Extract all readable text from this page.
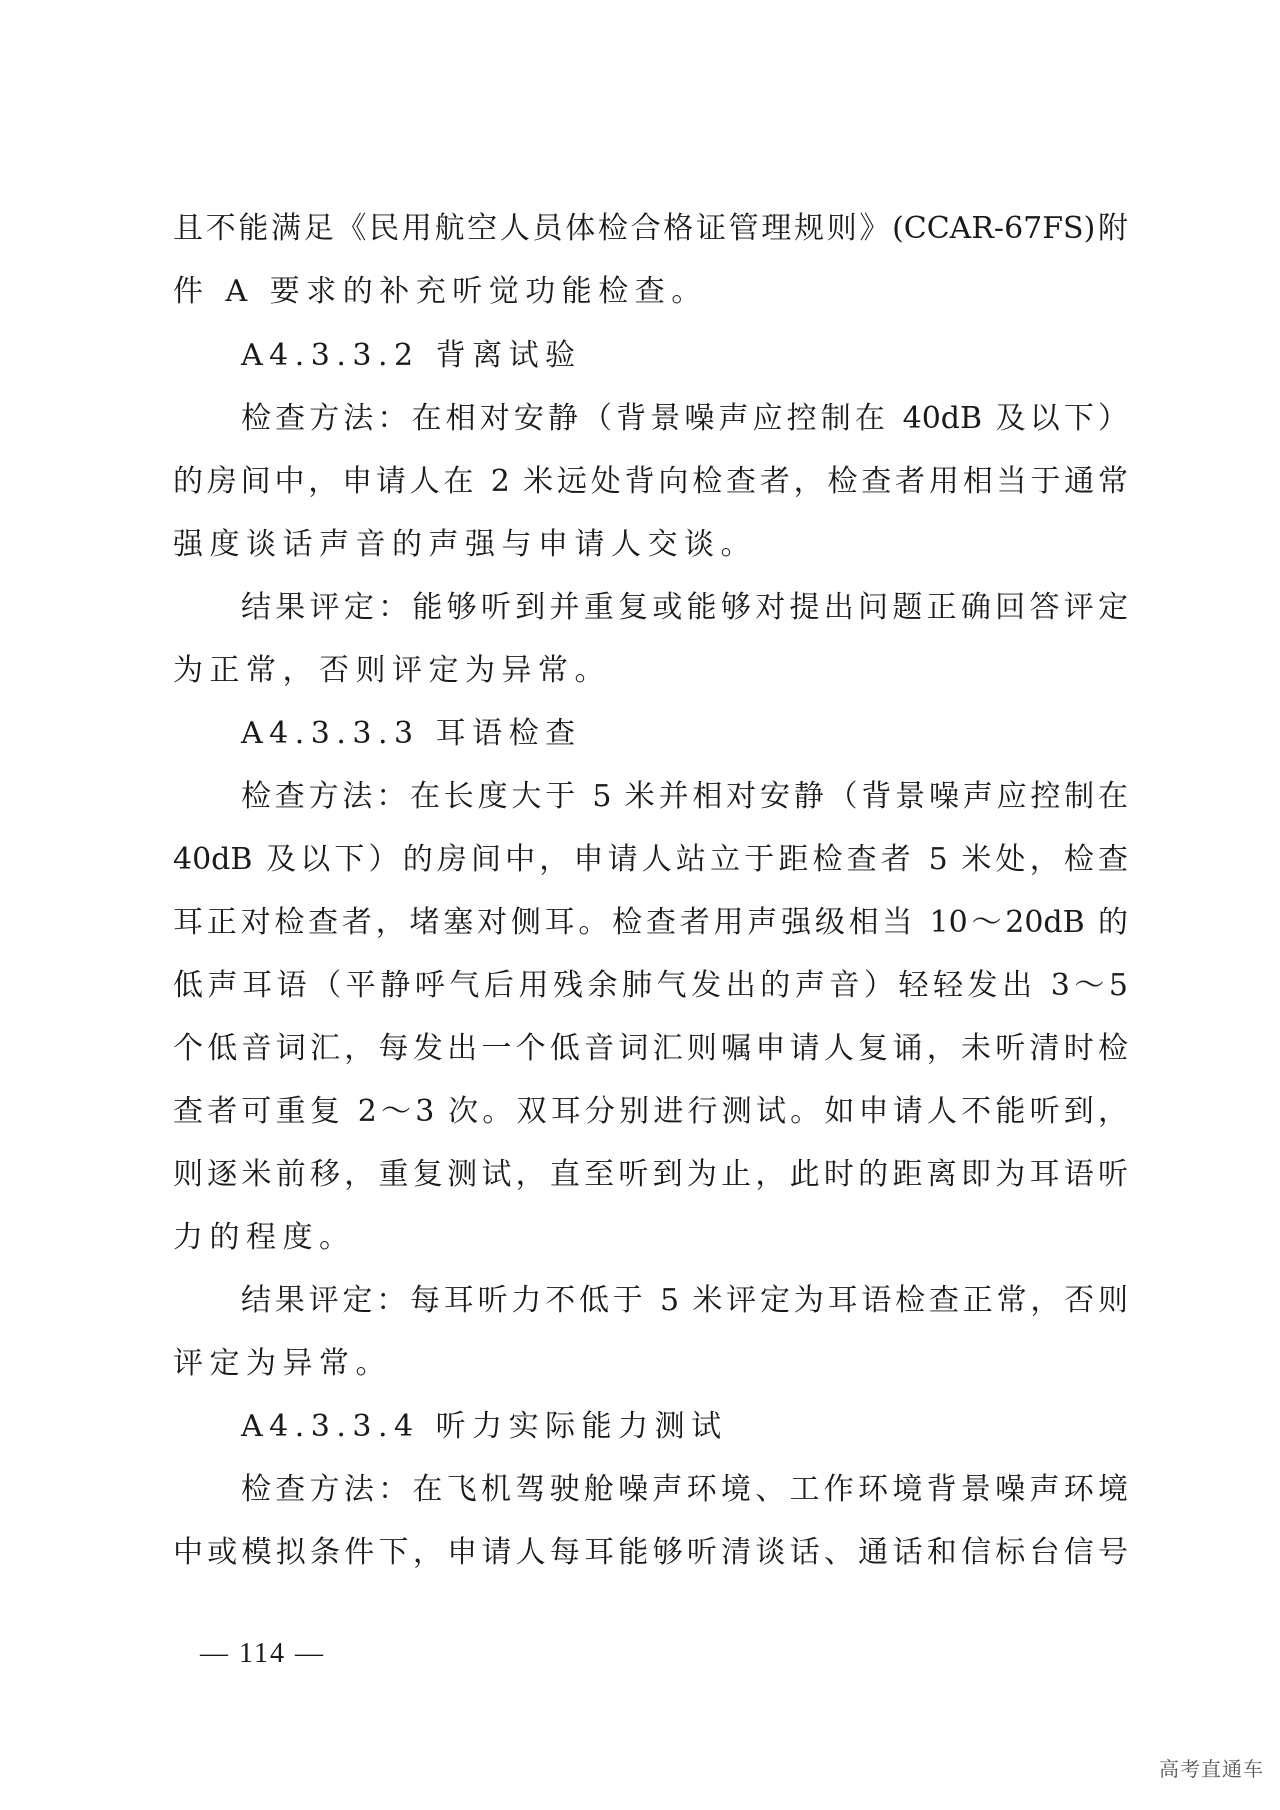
且不能满足《民用航空人员体检合格证管理规则》(CCAR-67FS)附
件 A 要求的补充听觉功能检查。
A4.3.3.2 背离试验
检查方法：在相对安静（背景噪声应控制在 40dB 及以下）
的房间中，申请人在 2 米远处背向检查者，检查者用相当于通常
强度谈话声音的声强与申请人交谈。
结果评定：能够听到并重复或能够对提出问题正确回答评定
为正常，否则评定为异常。
A4.3.3.3 耳语检查
检查方法：在长度大于 5 米并相对安静（背景噪声应控制在
40dB 及以下）的房间中，申请人站立于距检查者 5 米处，检查
耳正对检查者，堵塞对侧耳。检查者用声强级相当 10～20dB 的
低声耳语（平静呼气后用残余肺气发出的声音）轻轻发出 3～5
个低音词汇，每发出一个低音词汇则嘱申请人复诵，未听清时检
查者可重复 2～3 次。双耳分别进行测试。如申请人不能听到，
则逐米前移，重复测试，直至听到为止，此时的距离即为耳语听
力的程度。
结果评定：每耳听力不低于 5 米评定为耳语检查正常，否则
评定为异常。
A4.3.3.4 听力实际能力测试
检查方法：在飞机驾驶舱噪声环境、工作环境背景噪声环境
中或模拟条件下，申请人每耳能够听清谈话、通话和信标台信号
— 114 —
高考直通车
